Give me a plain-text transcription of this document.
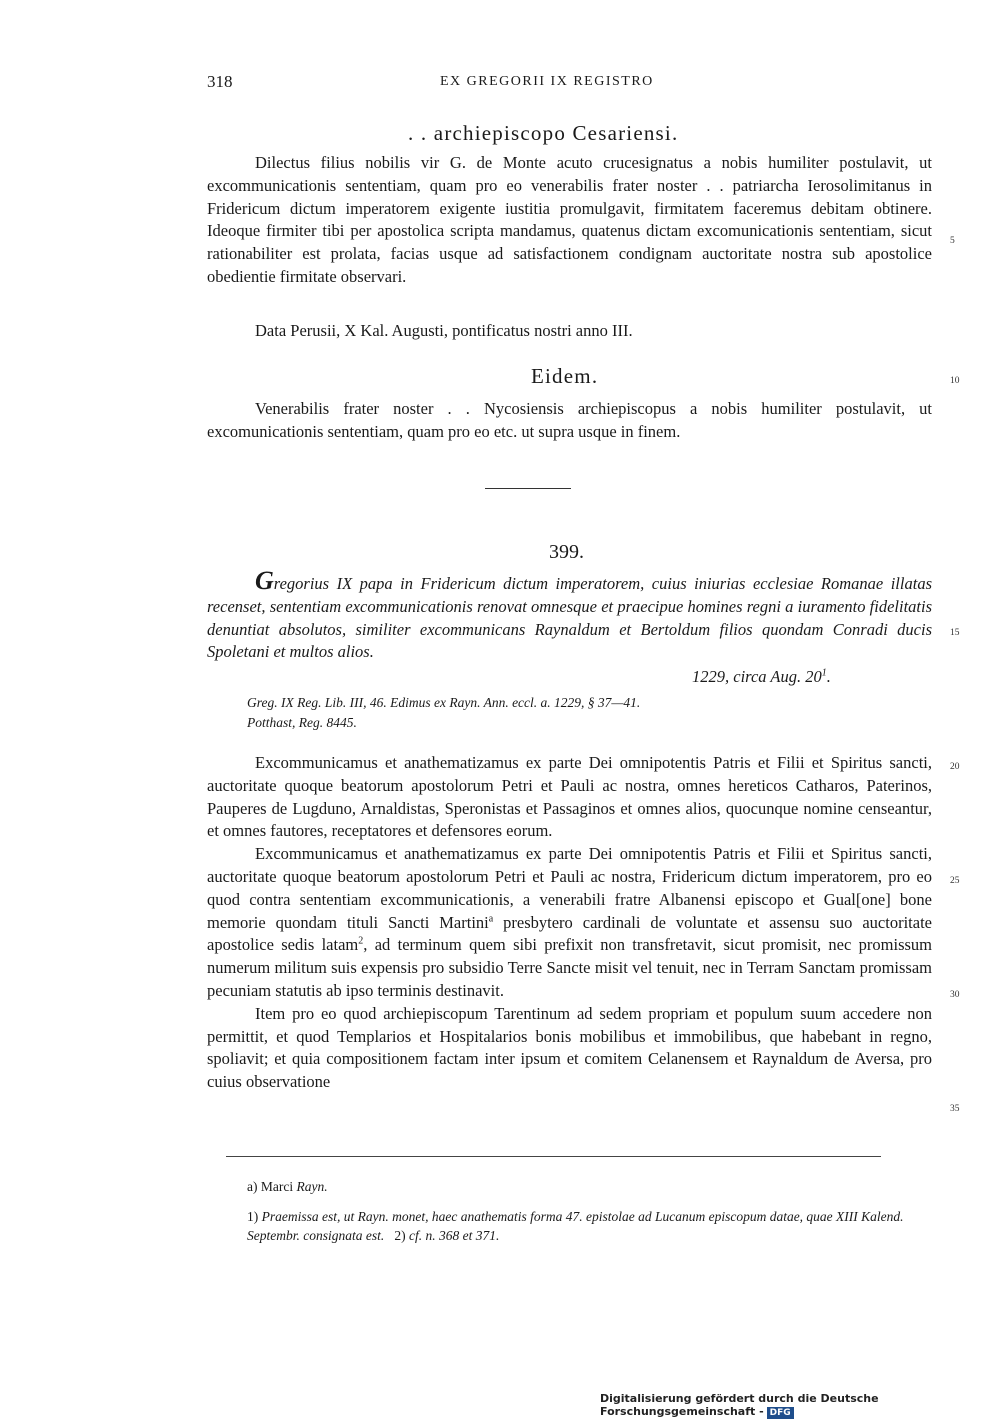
318	EX GREGORII IX REGISTRO
. . archiepiscopo Cesariensi.

Dilectus filius nobilis vir G. de Monte acuto crucesignatus a nobis humiliter postulavit, ut excommunicationis sententiam, quam pro eo venerabilis frater noster . . patriarcha Ierosolimitanus in Fridericum dictum imperatorem exigente iustitia promulgavit, firmitatem faceremus debitam obtinere. Ideoque firmiter tibi per apostolica scripta mandamus, quatenus dictam excomunicationis sententiam, sicut rationabiliter est prolata, facias usque ad satisfactionem condignam auctoritate nostra sub apostolice obedientie firmitate observari.

Data Perusii, X Kal. Augusti, pontificatus nostri anno III.

Eidem.

Venerabilis frater noster . . Nycosiensis archiepiscopus a nobis humiliter postulavit, ut excomunicationis sententiam, quam pro eo etc. ut supra usque in finem.

399.

Gregorius IX papa in Fridericum dictum imperatorem, cuius iniurias ecclesiae Romanae illatas recenset, sententiam excommunicationis renovat omnesque et praecipue homines regni a iuramento fidelitatis denuntiat absolutos, similiter excommunicans Raynaldum et Bertoldum filios quondam Conradi ducis Spoletani et multos alios.

1229, circa Aug. $20^1$.

Greg. IX Reg. Lib. III, 46. Edimus ex Rayn. Ann. eccl. a. 1229, § 37—41.

Potthast, Reg. 8445.

Excommunicamus et anathematizamus ex parte Dei omnipotentis Patris et Filii et Spiritus sancti, auctoritate quoque beatorum apostolorum Petri et Pauli ac nostra, omnes hereticos Catharos, Paterinos, Pauperes de Lugduno, Arnaldistas, Speronistas et Passaginos et omnes alios, quocunque nomine censeantur, et omnes fautores, receptatores et defensores eorum.

Excommunicamus et anathematizamus ex parte Dei omnipotentis Patris et Filii et Spiritus sancti, auctoritate quoque beatorum apostolorum Petri et Pauli ac nostra, Fridericum dictum imperatorem, pro eo quod contra sententiam excommunicationis, a venerabili fratre Albanensi episcopo et Gual[one] bone memorie quondam tituli Sancti Martini$^a$ presbytero cardinali de voluntate et assensu suo auctoritate apostolice sedis latam$^2$, ad terminum quem sibi prefixit non transfretavit, sicut promisit, nec promissum numerum militum suis expensis pro subsidio Terre Sancte misit vel tenuit, nec in Terram Sanctam promissam pecuniam statutis ab ipso terminis destinavit.

Item pro eo quod archiepiscopum Tarentinum ad sedem propriam et populum suum accedere non permittit, et quod Templarios et Hospitalarios bonis mobilibus et immobilibus, que habebant in regno, spoliavit; et quia compositionem factam inter ipsum et comitem Celanensem et Raynaldum de Aversa, pro cuius observatione

a) Marci Rayn.

1) Praemissa est, ut Rayn. monet, haec anathematis forma 47. epistolae ad Lucanum episcopum datae, quae XIII Kalend. Septembr. consignata est. 2) cf. n. 368 et 371.

5
10
15
20
25
30
35
Digitalisierung gefördert durch die Deutsche Forschungsgemeinschaft - DFG
